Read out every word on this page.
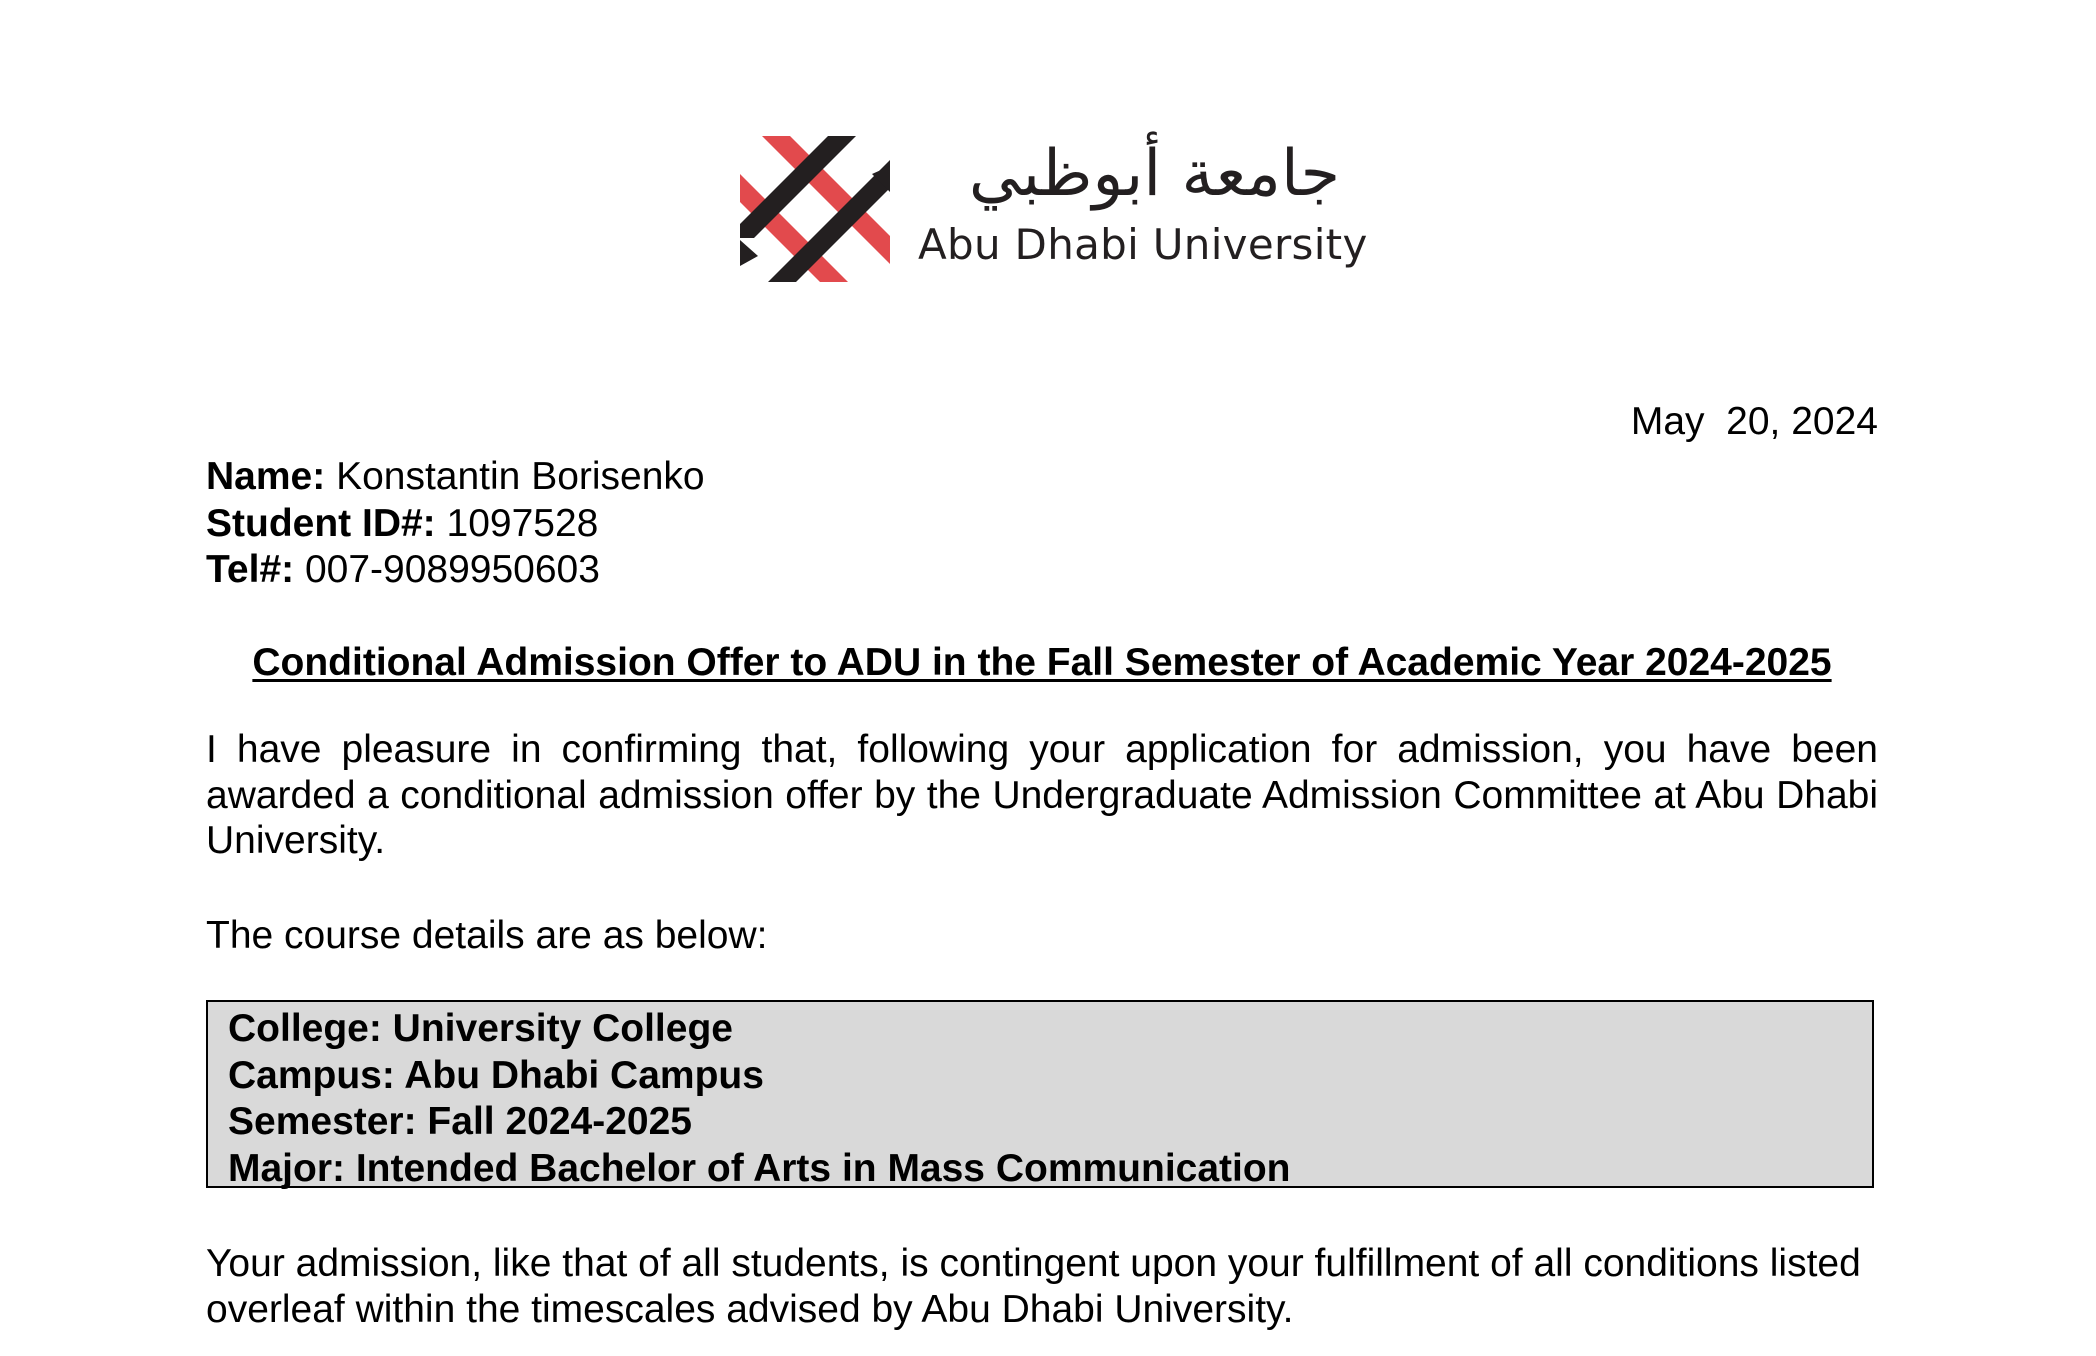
جامعة أبوظبي
Abu Dhabi University
May  20, 2024
Name: Konstantin Borisenko
Student ID#: 1097528
Tel#: 007-9089950603
Conditional Admission Offer to ADU in the Fall Semester of Academic Year 2024-2025
I have pleasure in confirming that, following your application for admission, you have been awarded a conditional admission offer by the Undergraduate Admission Committee at Abu Dhabi University.
The course details are as below:
College: University College
Campus: Abu Dhabi Campus
Semester: Fall 2024-2025
Major: Intended Bachelor of Arts in Mass Communication
Your admission, like that of all students, is contingent upon your fulfillment of all conditions listed overleaf within the timescales advised by Abu Dhabi University.
